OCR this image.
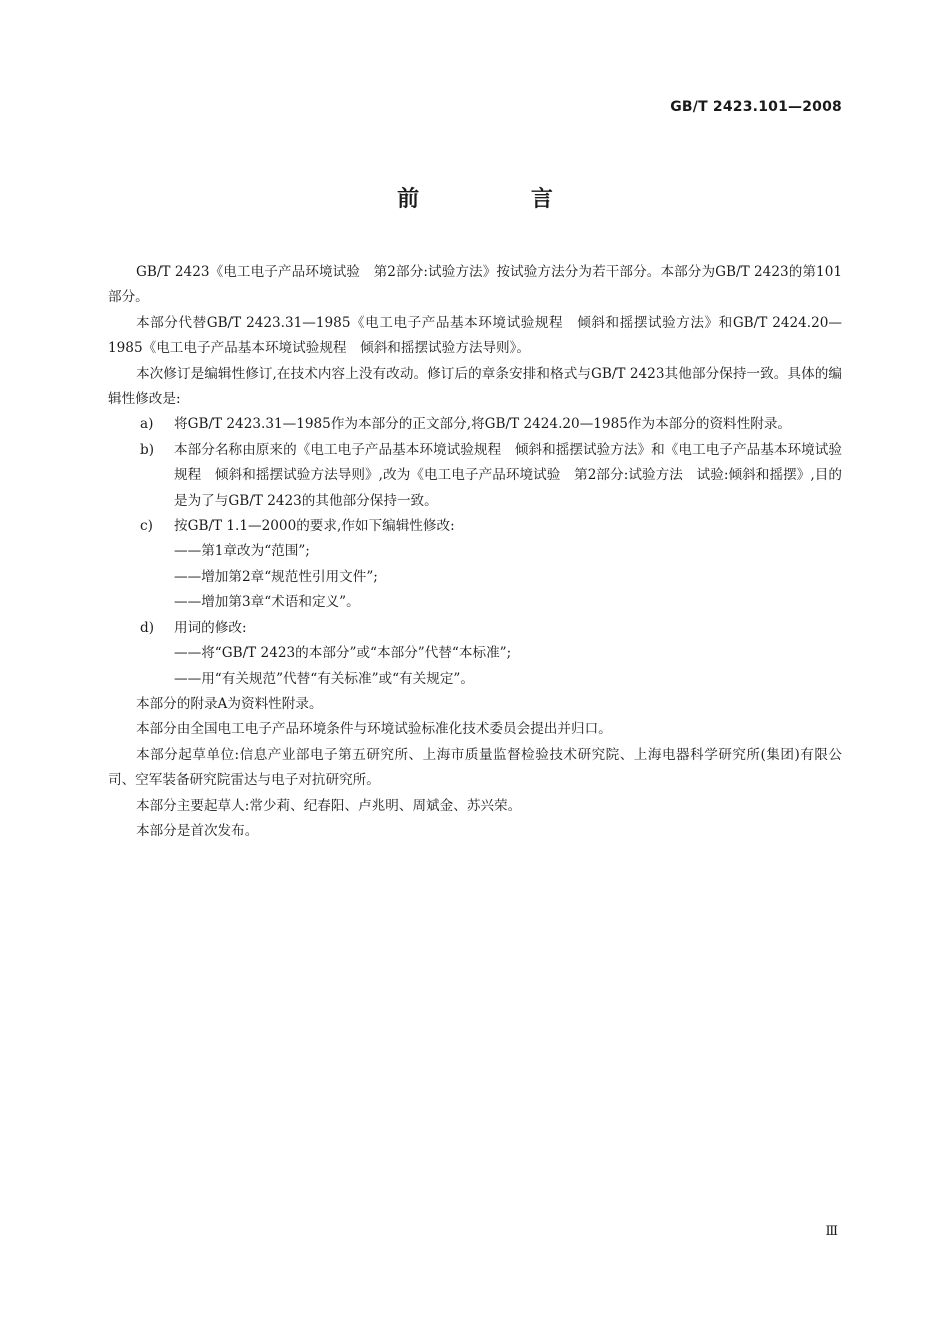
GB/T 2423.101—2008
前 言

GB/T 2423《电工电子产品环境试验　第2部分:试验方法》按试验方法分为若干部分。本部分为GB/T 2423的第101部分。

本部分代替GB/T 2423.31—1985《电工电子产品基本环境试验规程　倾斜和摇摆试验方法》和GB/T 2424.20—1985《电工电子产品基本环境试验规程　倾斜和摇摆试验方法导则》。

本次修订是编辑性修订,在技术内容上没有改动。修订后的章条安排和格式与GB/T 2423其他部分保持一致。具体的编辑性修改是:

a) 将GB/T 2423.31—1985作为本部分的正文部分,将GB/T 2424.20—1985作为本部分的资料性附录。
b) 本部分名称由原来的《电工电子产品基本环境试验规程　倾斜和摇摆试验方法》和《电工电子产品基本环境试验规程　倾斜和摇摆试验方法导则》,改为《电工电子产品环境试验　第2部分:试验方法　试验:倾斜和摇摆》,目的是为了与GB/T 2423的其他部分保持一致。
c) 按GB/T 1.1—2000的要求,作如下编辑性修改:
——第1章改为“范围”;
——增加第2章“规范性引用文件”;
——增加第3章“术语和定义”。
d) 用词的修改:
——将“GB/T 2423的本部分”或“本部分”代替“本标准”;
——用“有关规范”代替“有关标准”或“有关规定”。

本部分的附录A为资料性附录。

本部分由全国电工电子产品环境条件与环境试验标准化技术委员会提出并归口。

本部分起草单位:信息产业部电子第五研究所、上海市质量监督检验技术研究院、上海电器科学研究所(集团)有限公司、空军装备研究院雷达与电子对抗研究所。

本部分主要起草人:常少莉、纪春阳、卢兆明、周斌金、苏兴荣。

本部分是首次发布。

Ⅲ
